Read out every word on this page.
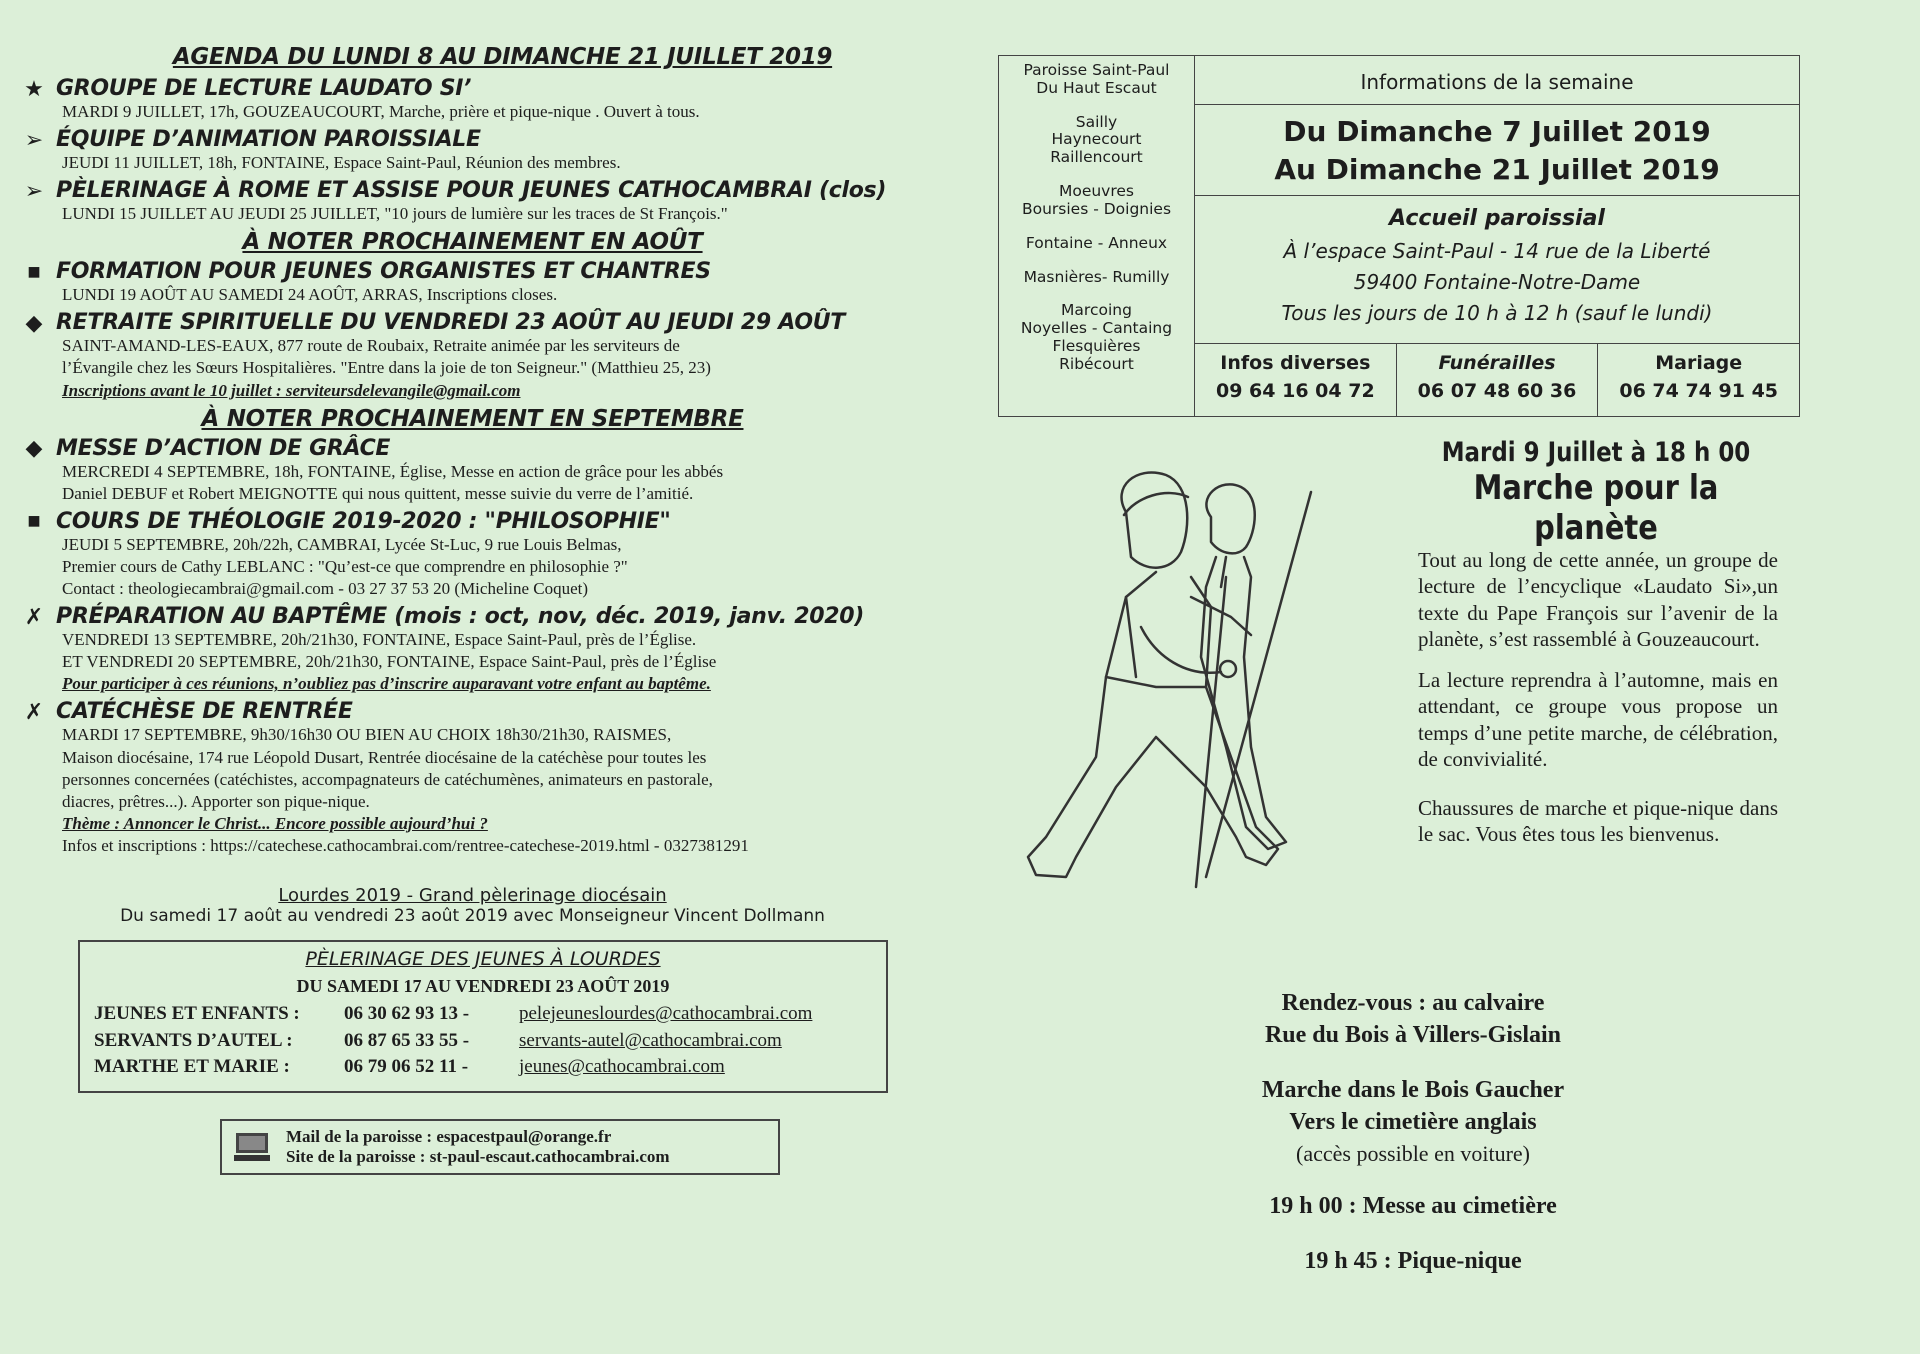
AGENDA DU LUNDI 8 AU DIMANCHE 21 JUILLET 2019
★ GROUPE DE LECTURE LAUDATO SI’
MARDI 9 JUILLET, 17h, GOUZEAUCOURT, Marche, prière et pique-nique . Ouvert à tous.
➢ ÉQUIPE D’ANIMATION PAROISSIALE
JEUDI 11 JUILLET, 18h, FONTAINE, Espace Saint-Paul, Réunion des membres.
➢ PÈLERINAGE À ROME ET ASSISE POUR JEUNES CATHOCAMBRAI (clos)
LUNDI 15 JUILLET AU JEUDI 25 JUILLET, "10 jours de lumière sur les traces de St François."
À NOTER PROCHAINEMENT EN AOÛT
■ FORMATION POUR JEUNES ORGANISTES ET CHANTRES
LUNDI 19 AOÛT AU SAMEDI 24 AOÛT, ARRAS, Inscriptions closes.
◆ RETRAITE SPIRITUELLE DU VENDREDI 23 AOÛT AU JEUDI 29 AOÛT
SAINT-AMAND-LES-EAUX, 877 route de Roubaix, Retraite animée par les serviteurs de
l’Évangile chez les Sœurs Hospitalières. "Entre dans la joie de ton Seigneur." (Matthieu 25, 23)
Inscriptions avant le 10 juillet : serviteursdelevangile@gmail.com
À NOTER PROCHAINEMENT EN SEPTEMBRE
◆ MESSE D’ACTION DE GRÂCE
MERCREDI 4 SEPTEMBRE, 18h, FONTAINE, Église, Messe en action de grâce pour les abbés
Daniel DEBUF et Robert MEIGNOTTE qui nous quittent, messe suivie du verre de l’amitié.
■ COURS DE THÉOLOGIE 2019-2020 : "PHILOSOPHIE"
JEUDI 5 SEPTEMBRE, 20h/22h, CAMBRAI, Lycée St-Luc, 9 rue Louis Belmas,
Premier cours de Cathy LEBLANC : "Qu’est-ce que comprendre en philosophie ?"
Contact : theologiecambrai@gmail.com - 03 27 37 53 20 (Micheline Coquet)
✗ PRÉPARATION AU BAPTÊME (mois : oct, nov, déc. 2019, janv. 2020)
VENDREDI 13 SEPTEMBRE, 20h/21h30, FONTAINE, Espace Saint-Paul, près de l’Église.
ET VENDREDI 20 SEPTEMBRE, 20h/21h30, FONTAINE, Espace Saint-Paul, près de l’Église
Pour participer à ces réunions, n’oubliez pas d’inscrire auparavant votre enfant au baptême.
✗ CATÉCHÈSE DE RENTRÉE
MARDI 17 SEPTEMBRE, 9h30/16h30 OU BIEN AU CHOIX 18h30/21h30, RAISMES,
Maison diocésaine, 174 rue Léopold Dusart, Rentrée diocésaine de la catéchèse pour toutes les
personnes concernées (catéchistes, accompagnateurs de catéchumènes, animateurs en pastorale,
diacres, prêtres...). Apporter son pique-nique.
Thème : Annoncer le Christ... Encore possible aujourd’hui ?
Infos et inscriptions : https://catechese.cathocambrai.com/rentree-catechese-2019.html - 0327381291
Lourdes 2019 - Grand pèlerinage diocésain
Du samedi 17 août au vendredi 23 août 2019 avec Monseigneur Vincent Dollmann
PÈLERINAGE DES JEUNES À LOURDES
DU SAMEDI 17 AU VENDREDI 23 AOÛT 2019
JEUNES ET ENFANTS :	06 30 62 93 13 -	pelejeuneslourdes@cathocambrai.com
SERVANTS D’AUTEL :	06 87 65 33 55 -	servants-autel@cathocambrai.com
MARTHE ET MARIE :	06 79 06 52 11 -	jeunes@cathocambrai.com
Mail de la paroisse : espacestpaul@orange.fr
Site de la paroisse : st-paul-escaut.cathocambrai.com
Paroisse Saint-Paul
Du Haut Escaut
Sailly
Haynecourt
Raillencourt
Moeuvres
Boursies - Doignies
Fontaine - Anneux
Masnières- Rumilly
Marcoing
Noyelles - Cantaing
Flesquières
Ribécourt
Informations de la semaine
Du Dimanche 7 Juillet 2019
Au Dimanche 21 Juillet 2019
Accueil paroissial
À l’espace Saint-Paul - 14 rue de la Liberté
59400 Fontaine-Notre-Dame
Tous les jours de 10 h à 12 h (sauf le lundi)
Infos diverses
09 64 16 04 72
Funérailles
06 07 48 60 36
Mariage
06 74 74 91 45
Mardi 9 Juillet à 18 h 00
Marche pour la planète

Tout au long de cette année, un groupe de lecture de l’encyclique «Laudato Si»,un texte du Pape François sur l’avenir de la planète, s’est rassemblé à Gouzeaucourt.

La lecture reprendra à l’automne, mais en attendant, ce groupe vous propose un temps d’une petite marche, de célébration, de convivialité.

Chaussures de marche et pique-nique dans le sac. Vous êtes tous les bienvenus.

Rendez-vous : au calvaire
Rue du Bois à Villers-Gislain
Marche dans le Bois Gaucher
Vers le cimetière anglais
(accès possible en voiture)
19 h 00 : Messe au cimetière
19 h 45 : Pique-nique
